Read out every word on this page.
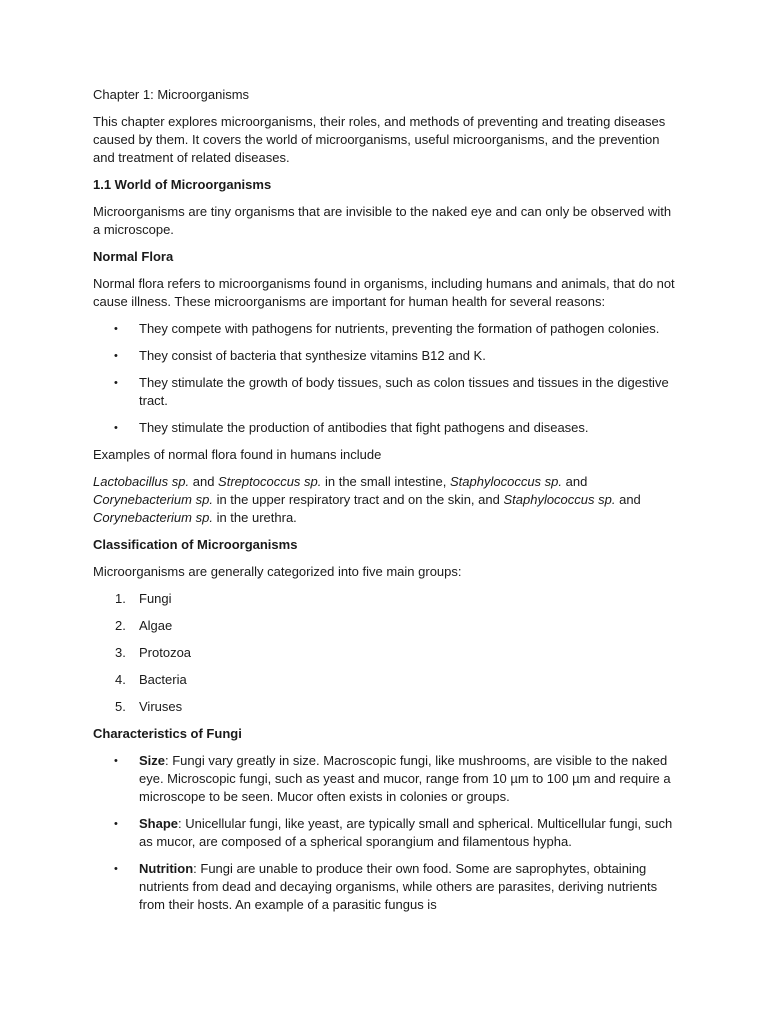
Chapter 1: Microorganisms

This chapter explores microorganisms, their roles, and methods of preventing and treating diseases caused by them. It covers the world of microorganisms, useful microorganisms, and the prevention and treatment of related diseases.

1.1 World of Microorganisms

Microorganisms are tiny organisms that are invisible to the naked eye and can only be observed with a microscope.

Normal Flora

Normal flora refers to microorganisms found in organisms, including humans and animals, that do not cause illness. These microorganisms are important for human health for several reasons:

• They compete with pathogens for nutrients, preventing the formation of pathogen colonies.
• They consist of bacteria that synthesize vitamins B12 and K.
• They stimulate the growth of body tissues, such as colon tissues and tissues in the digestive tract.
• They stimulate the production of antibodies that fight pathogens and diseases.

Examples of normal flora found in humans include

Lactobacillus sp. and Streptococcus sp. in the small intestine, Staphylococcus sp. and Corynebacterium sp. in the upper respiratory tract and on the skin, and Staphylococcus sp. and Corynebacterium sp. in the urethra.

Classification of Microorganisms

Microorganisms are generally categorized into five main groups:

1. Fungi
2. Algae
3. Protozoa
4. Bacteria
5. Viruses

Characteristics of Fungi

• Size: Fungi vary greatly in size. Macroscopic fungi, like mushrooms, are visible to the naked eye. Microscopic fungi, such as yeast and mucor, range from 10 µm to 100 µm and require a microscope to be seen. Mucor often exists in colonies or groups.
• Shape: Unicellular fungi, like yeast, are typically small and spherical. Multicellular fungi, such as mucor, are composed of a spherical sporangium and filamentous hypha.
• Nutrition: Fungi are unable to produce their own food. Some are saprophytes, obtaining nutrients from dead and decaying organisms, while others are parasites, deriving nutrients from their hosts. An example of a parasitic fungus is
